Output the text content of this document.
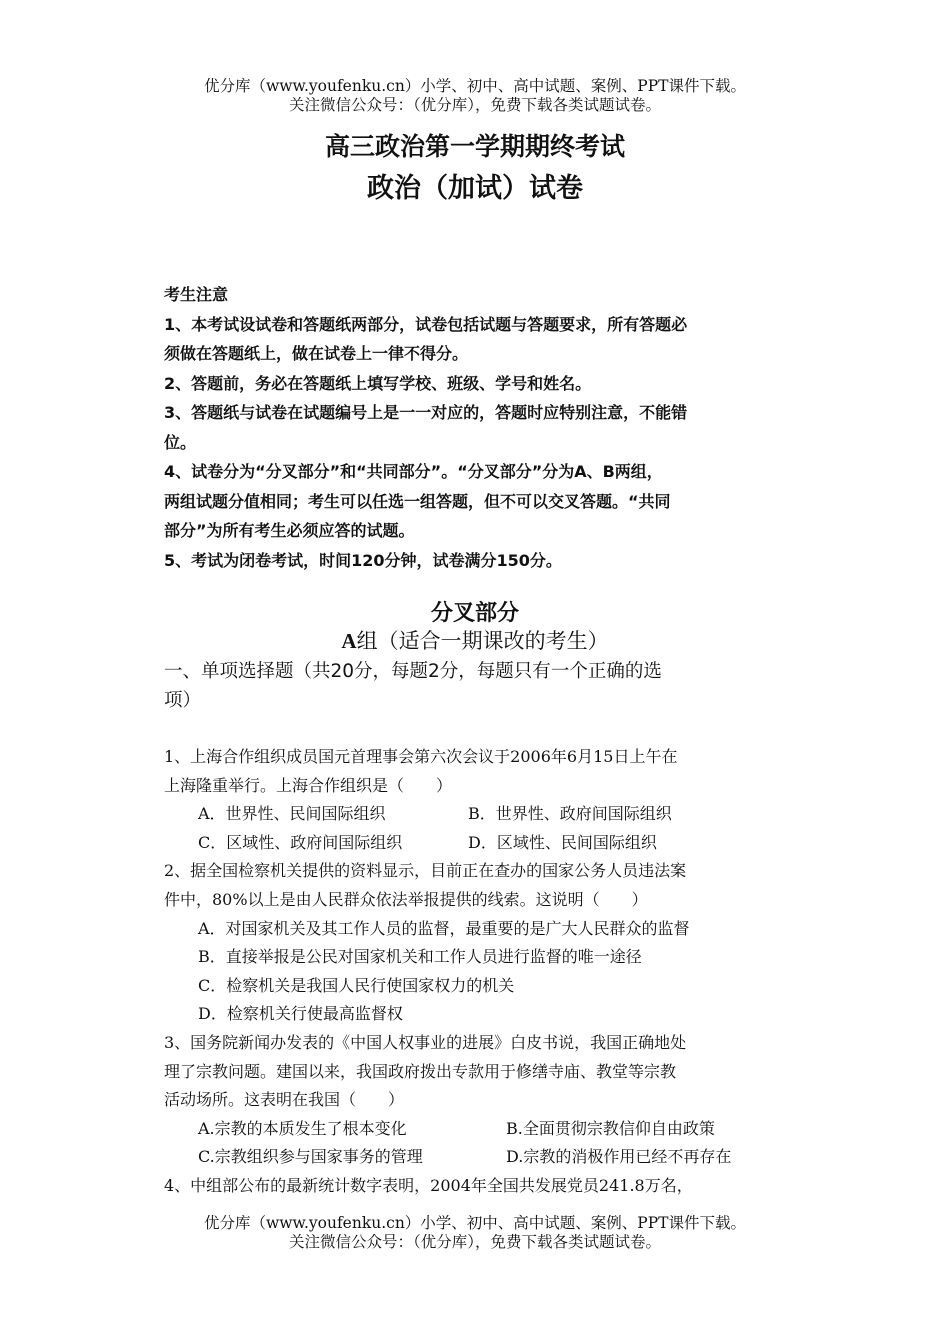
优分库（www.youfenku.cn）小学、初中、高中试题、案例、PPT课件下载。
关注微信公众号：（优分库），免费下载各类试题试卷。
高三政治第一学期期终考试
政治（加试）试卷
考生注意
1、本考试设试卷和答题纸两部分，试卷包括试题与答题要求，所有答题必
须做在答题纸上，做在试卷上一律不得分。
2、答题前，务必在答题纸上填写学校、班级、学号和姓名。
3、答题纸与试卷在试题编号上是一一对应的，答题时应特别注意，不能错
位。
4、试卷分为“分叉部分”和“共同部分”。“分叉部分”分为A、B两组，
两组试题分值相同；考生可以任选一组答题，但不可以交叉答题。“共同
部分”为所有考生必须应答的试题。
5、考试为闭卷考试，时间120分钟，试卷满分150分。
分叉部分
A组（适合一期课改的考生）
一、单项选择题（共20分，每题2分，每题只有一个正确的选
项）
1、上海合作组织成员国元首理事会第六次会议于2006年6月15日上午在
上海隆重举行。上海合作组织是（　　）
A．世界性、民间国际组织	B．世界性、政府间国际组织
C．区域性、政府间国际组织	D．区域性、民间国际组织
2、据全国检察机关提供的资料显示，目前正在查办的国家公务人员违法案
件中，80%以上是由人民群众依法举报提供的线索。这说明（　　）
A．对国家机关及其工作人员的监督，最重要的是广大人民群众的监督
B．直接举报是公民对国家机关和工作人员进行监督的唯一途径
C．检察机关是我国人民行使国家权力的机关
D．检察机关行使最高监督权
3、国务院新闻办发表的《中国人权事业的进展》白皮书说，我国正确地处
理了宗教问题。建国以来，我国政府拨出专款用于修缮寺庙、教堂等宗教
活动场所。这表明在我国（　　）
A.宗教的本质发生了根本变化	B.全面贯彻宗教信仰自由政策
C.宗教组织参与国家事务的管理	D.宗教的消极作用已经不再存在
4、中组部公布的最新统计数字表明，2004年全国共发展党员241.8万名，
优分库（www.youfenku.cn）小学、初中、高中试题、案例、PPT课件下载。
关注微信公众号：（优分库），免费下载各类试题试卷。
